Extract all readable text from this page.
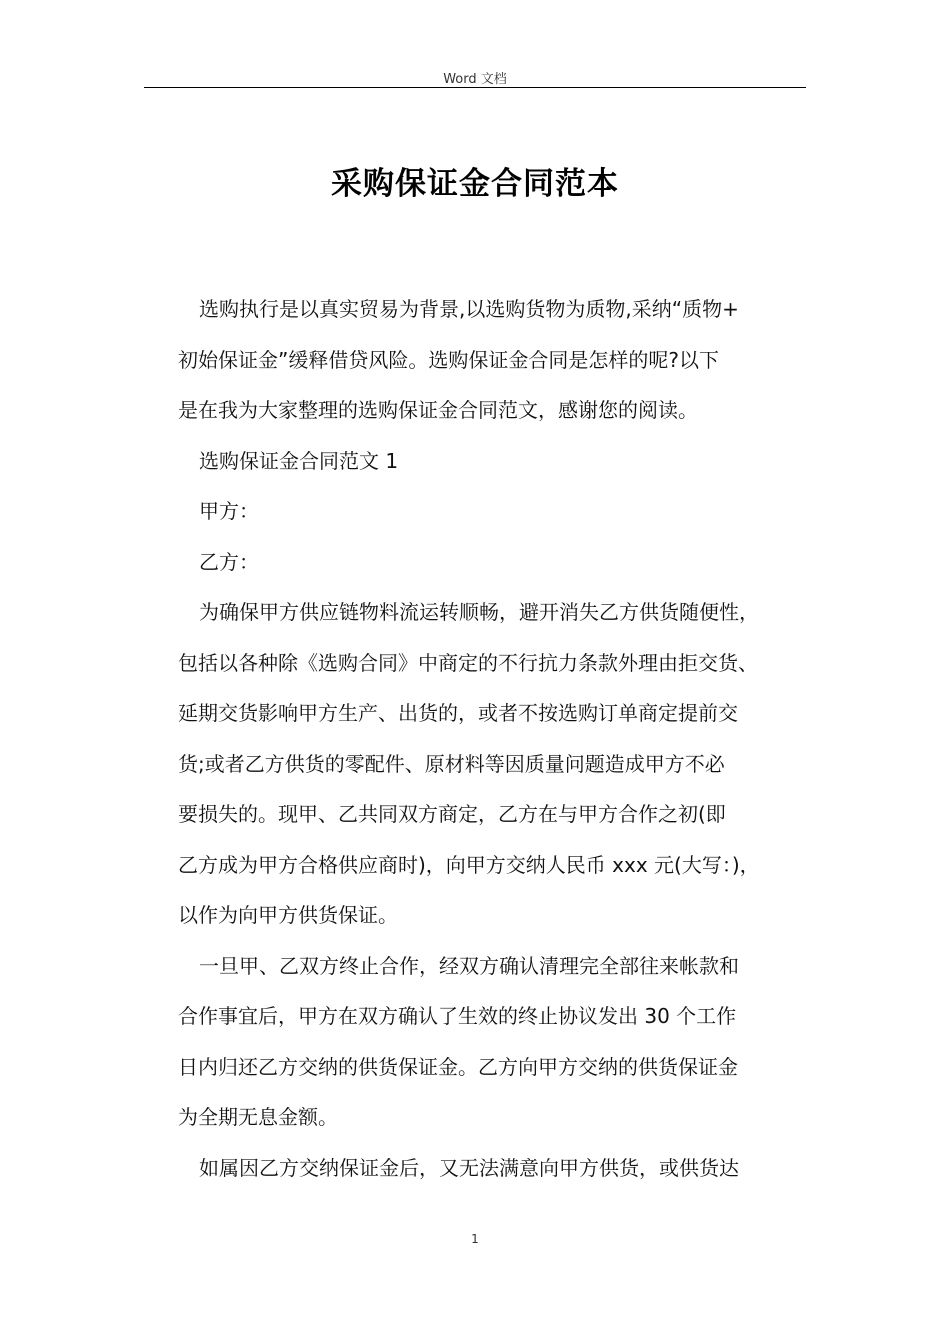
Word 文档
采购保证金合同范本
选购执行是以真实贸易为背景,以选购货物为质物,采纳“质物+
初始保证金”缓释借贷风险。选购保证金合同是怎样的呢?以下
是在我为大家整理的选购保证金合同范文，感谢您的阅读。
选购保证金合同范文 1
甲方：
乙方：
为确保甲方供应链物料流运转顺畅，避开消失乙方供货随便性，
包括以各种除《选购合同》中商定的不行抗力条款外理由拒交货、
延期交货影响甲方生产、出货的，或者不按选购订单商定提前交
货;或者乙方供货的零配件、原材料等因质量问题造成甲方不必
要损失的。现甲、乙共同双方商定，乙方在与甲方合作之初(即
乙方成为甲方合格供应商时)，向甲方交纳人民币 xxx 元(大写：)，
以作为向甲方供货保证。
一旦甲、乙双方终止合作，经双方确认清理完全部往来帐款和
合作事宜后，甲方在双方确认了生效的终止协议发出 30 个工作
日内归还乙方交纳的供货保证金。乙方向甲方交纳的供货保证金
为全期无息金额。
如属因乙方交纳保证金后，又无法满意向甲方供货，或供货达
1
